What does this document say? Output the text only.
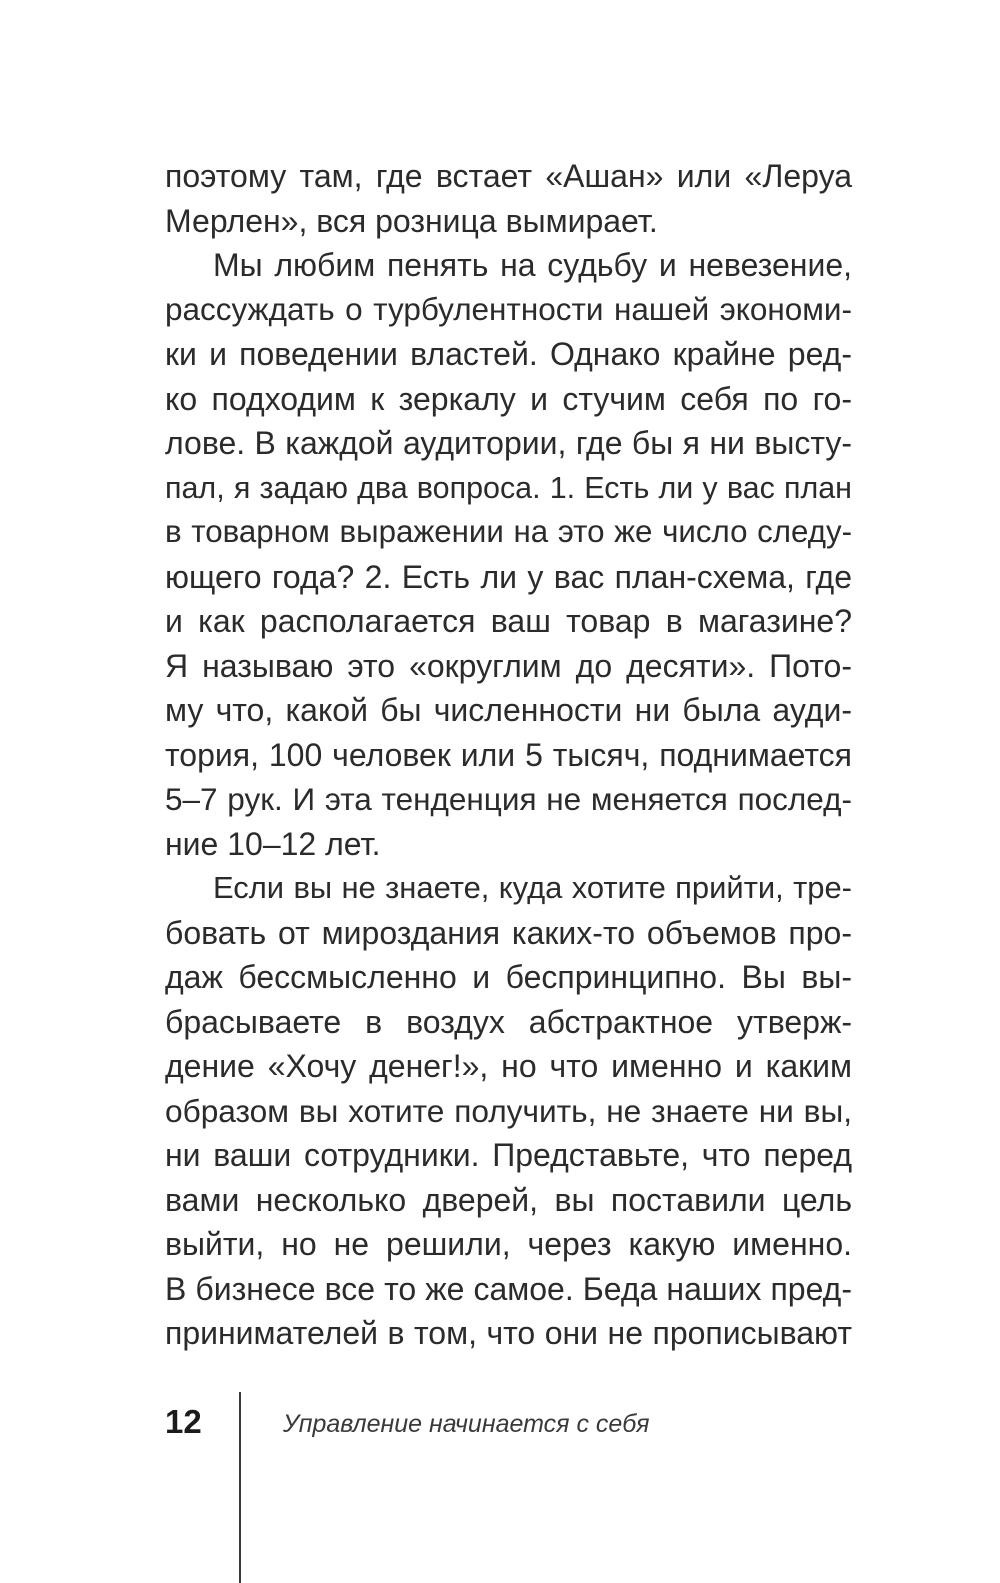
поэтому там, где встает «Ашан» или «Леруа
Мерлен», вся розница вымирает.
Мы любим пенять на судьбу и невезение,
рассуждать о турбулентности нашей экономи-
ки и поведении властей. Однако крайне ред-
ко подходим к зеркалу и стучим себя по го-
лове. В каждой аудитории, где бы я ни высту-
пал, я задаю два вопроса. 1. Есть ли у вас план
в товарном выражении на это же число следу-
ющего года? 2. Есть ли у вас план-схема, где
и как располагается ваш товар в магазине?
Я называю это «округлим до десяти». Пото-
му что, какой бы численности ни была ауди-
тория, 100 человек или 5 тысяч, поднимается
5–7 рук. И эта тенденция не меняется послед-
ние 10–12 лет.
Если вы не знаете, куда хотите прийти, тре-
бовать от мироздания каких-то объемов про-
даж бессмысленно и беспринципно. Вы вы-
брасываете в воздух абстрактное утверж-
дение «Хочу денег!», но что именно и каким
образом вы хотите получить, не знаете ни вы,
ни ваши сотрудники. Представьте, что перед
вами несколько дверей, вы поставили цель
выйти, но не решили, через какую именно.
В бизнесе все то же самое. Беда наших пред-
принимателей в том, что они не прописывают
12	Управление начинается с себя
